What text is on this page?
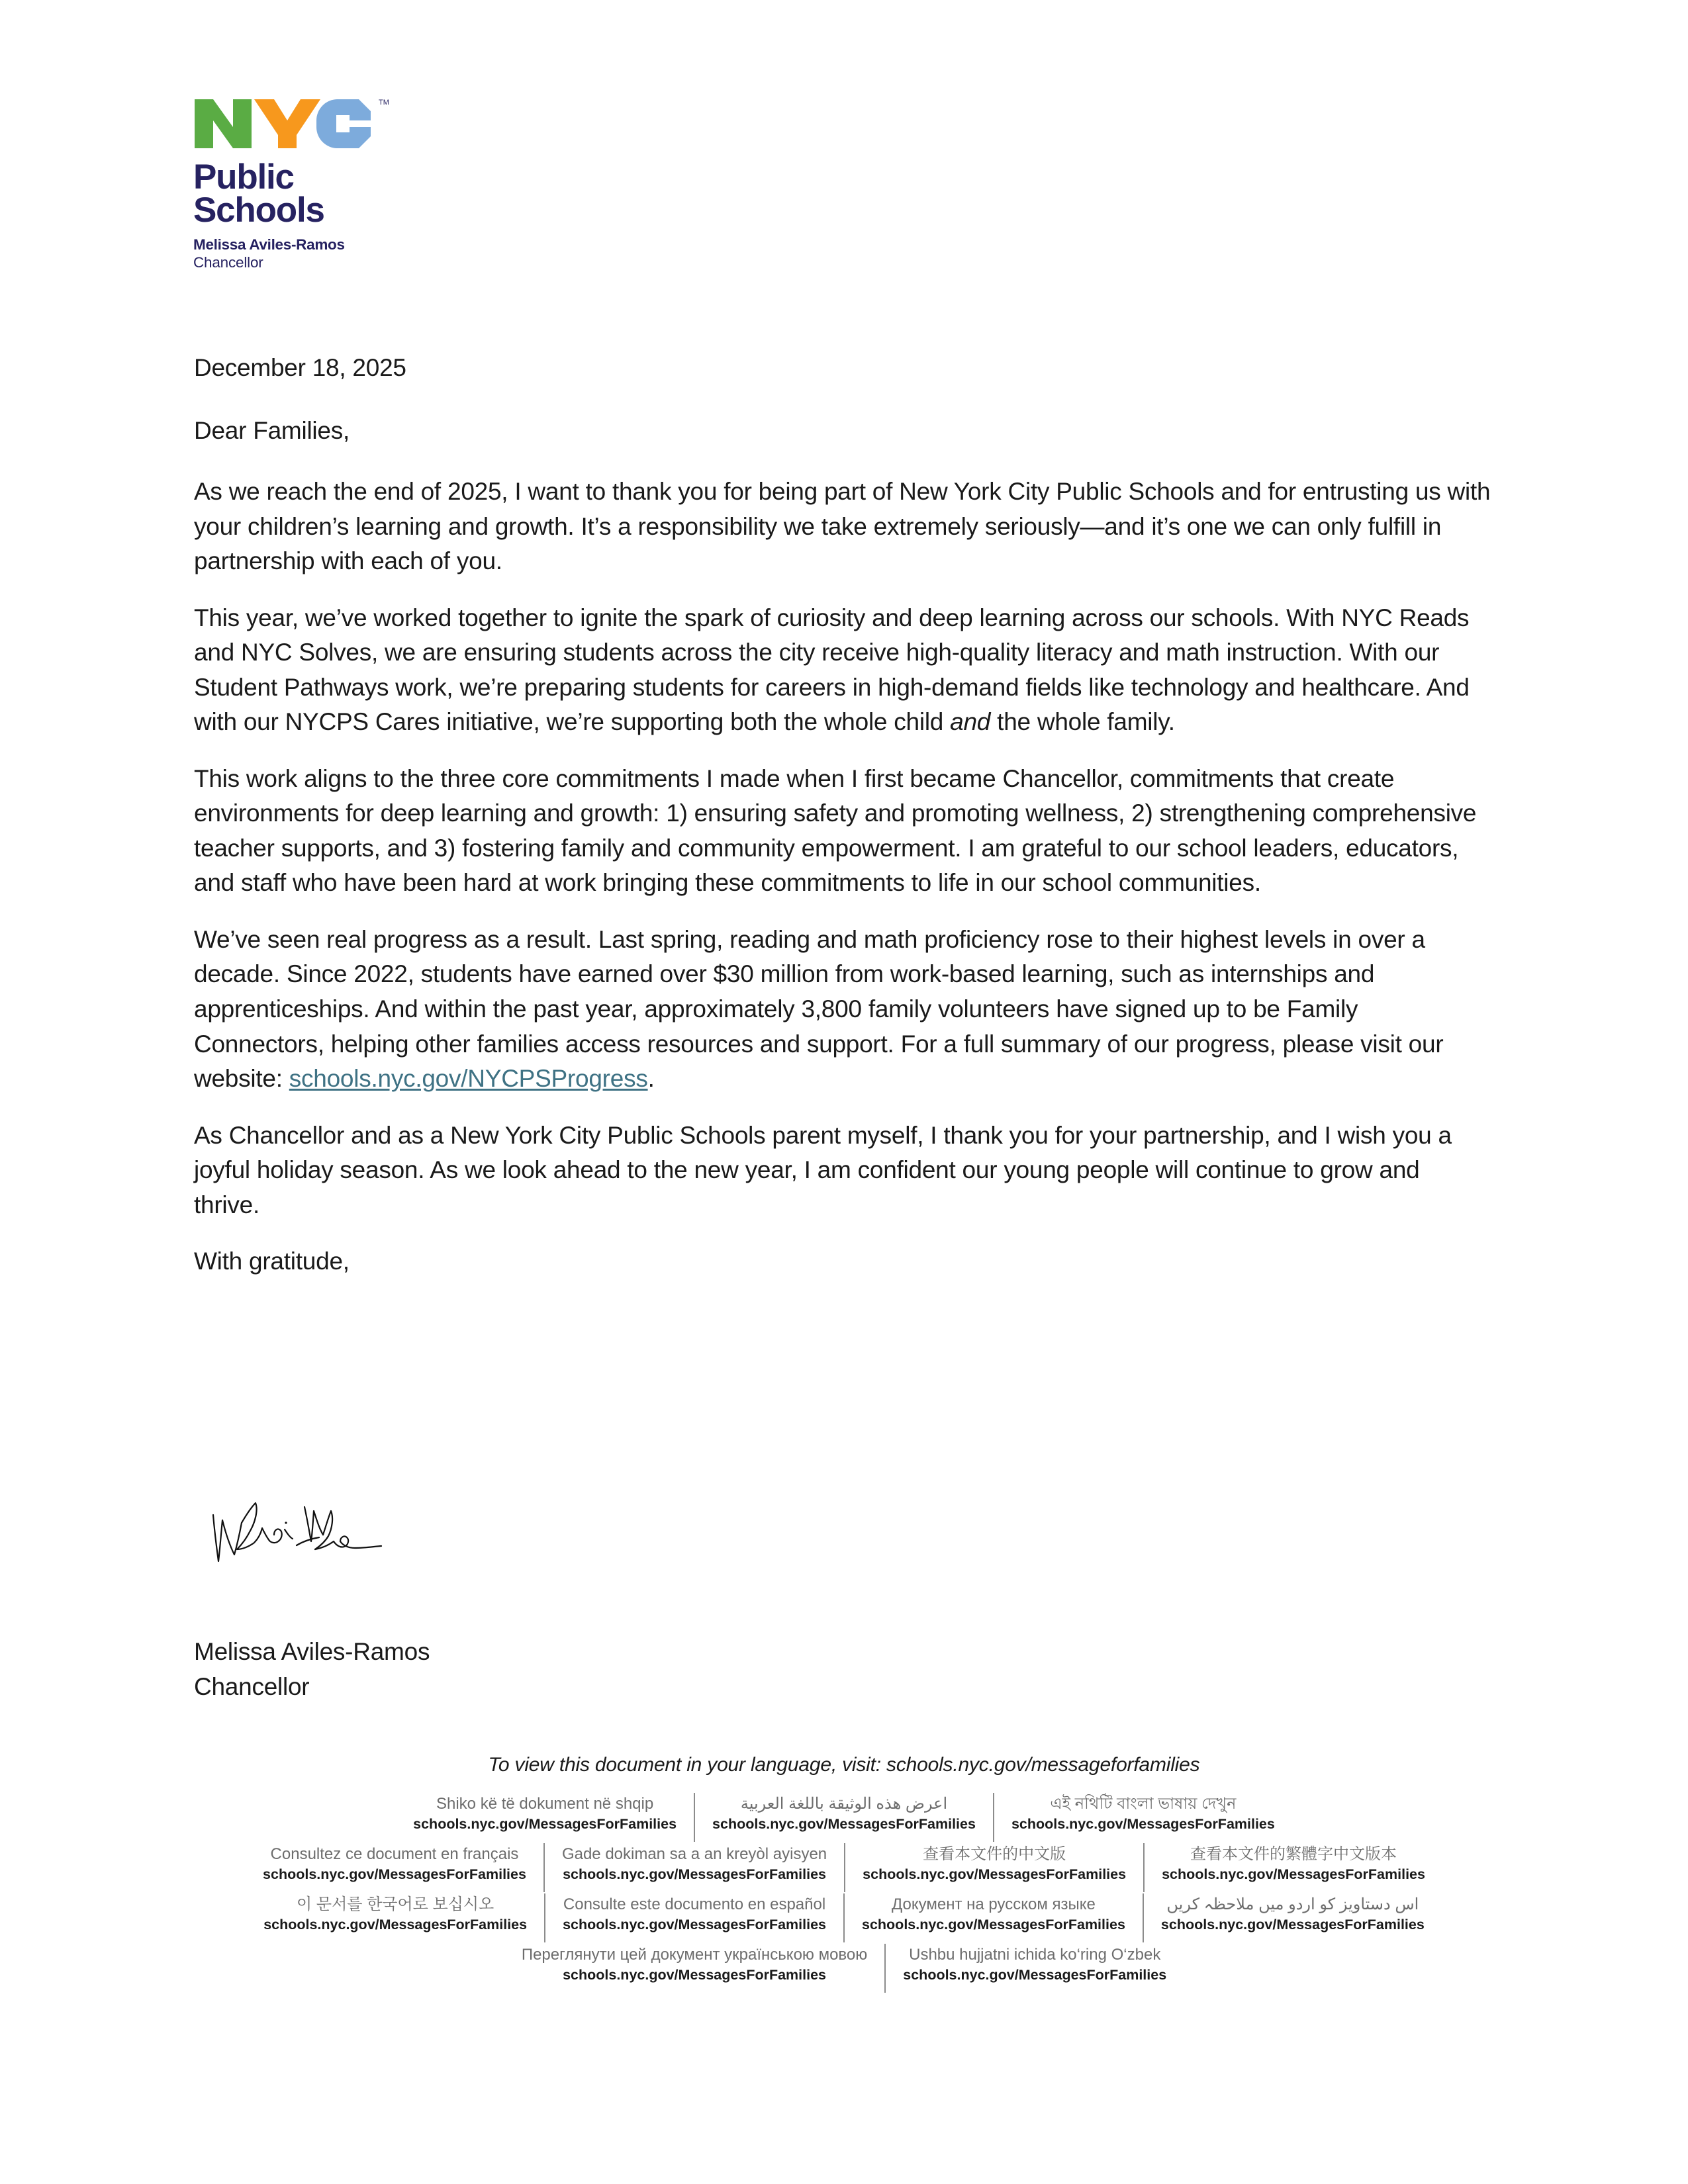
TM
Public
Schools
Melissa Aviles-Ramos
Chancellor

December 18, 2025

Dear Families,

As we reach the end of 2025, I want to thank you for being part of New York City Public Schools and for entrusting us with your children’s learning and growth. It’s a responsibility we take extremely seriously—and it’s one we can only fulfill in partnership with each of you.

This year, we’ve worked together to ignite the spark of curiosity and deep learning across our schools. With NYC Reads and NYC Solves, we are ensuring students across the city receive high-quality literacy and math instruction. With our Student Pathways work, we’re preparing students for careers in high-demand fields like technology and healthcare. And with our NYCPS Cares initiative, we’re supporting both the whole child and the whole family.

This work aligns to the three core commitments I made when I first became Chancellor, commitments that create environments for deep learning and growth: 1) ensuring safety and promoting wellness, 2) strengthening comprehensive teacher supports, and 3) fostering family and community empowerment. I am grateful to our school leaders, educators, and staff who have been hard at work bringing these commitments to life in our school communities.

We’ve seen real progress as a result. Last spring, reading and math proficiency rose to their highest levels in over a decade. Since 2022, students have earned over $30 million from work-based learning, such as internships and apprenticeships. And within the past year, approximately 3,800 family volunteers have signed up to be Family Connectors, helping other families access resources and support. For a full summary of our progress, please visit our website: schools.nyc.gov/NYCPSProgress.

As Chancellor and as a New York City Public Schools parent myself, I thank you for your partnership, and I wish you a joyful holiday season. As we look ahead to the new year, I am confident our young people will continue to grow and thrive.

With gratitude,

Melissa Aviles-Ramos
Chancellor
To view this document in your language, visit: schools.nyc.gov/messageforfamilies
Shiko kë të dokument në shqip
schools.nyc.gov/MessagesForFamilies
اعرض هذه الوثيقة باللغة العربية
schools.nyc.gov/MessagesForFamilies
এই নথিটি বাংলা ভাষায় দেখুন
schools.nyc.gov/MessagesForFamilies
Consultez ce document en français
schools.nyc.gov/MessagesForFamilies
Gade dokiman sa a an kreyòl ayisyen
schools.nyc.gov/MessagesForFamilies
查看本文件的中文版
schools.nyc.gov/MessagesForFamilies
查看本文件的繁體字中文版本
schools.nyc.gov/MessagesForFamilies
이 문서를 한국어로 보십시오
schools.nyc.gov/MessagesForFamilies
Consulte este documento en español
schools.nyc.gov/MessagesForFamilies
Документ на русском языке
schools.nyc.gov/MessagesForFamilies
اس دستاویز کو اردو میں ملاحظہ کریں
schools.nyc.gov/MessagesForFamilies
Переглянути цей документ українською мовою
schools.nyc.gov/MessagesForFamilies
Ushbu hujjatni ichida ko‘ring O‘zbek
schools.nyc.gov/MessagesForFamilies
